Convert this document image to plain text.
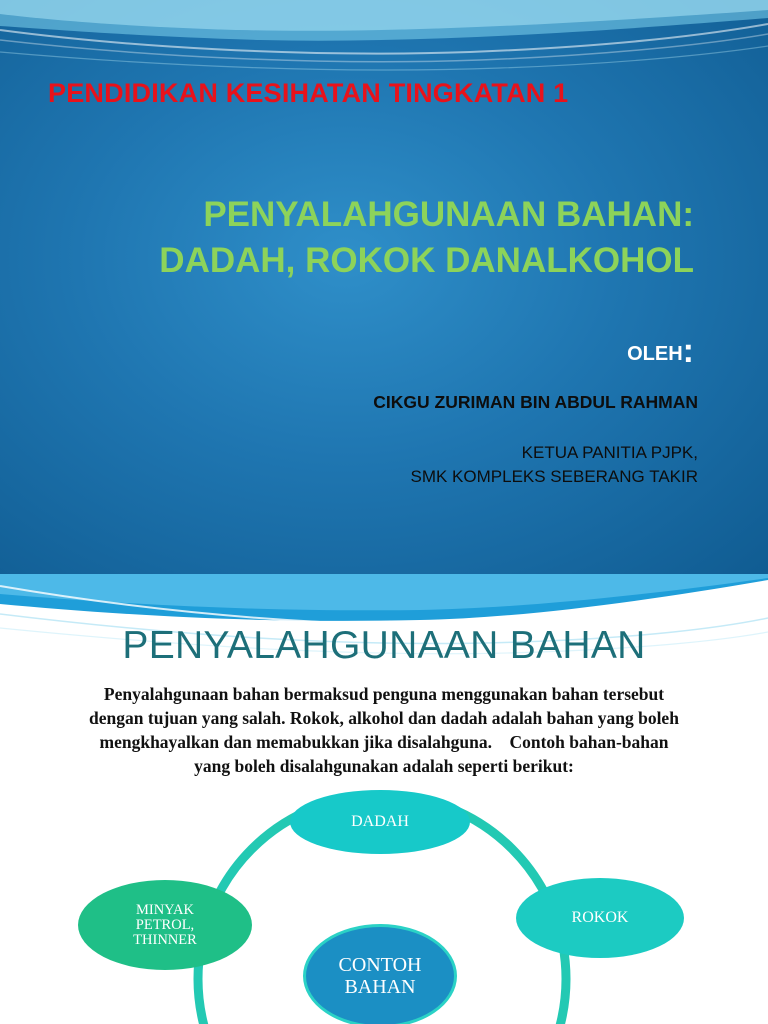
PENDIDIKAN KESIHATAN TINGKATAN 1
PENYALAHGUNAAN BAHAN:
DADAH, ROKOK DANALKOHOL
OLEH:
CIKGU ZURIMAN BIN ABDUL RAHMAN
KETUA PANITIA PJPK,
SMK KOMPLEKS SEBERANG TAKIR
PENYALAHGUNAAN BAHAN
Penyalahgunaan bahan bermaksud penguna menggunakan bahan tersebut
dengan tujuan yang salah. Rokok, alkohol dan dadah adalah bahan yang boleh
mengkhayalkan dan memabukkan jika disalahguna.    Contoh bahan-bahan
yang boleh disalahgunakan adalah seperti berikut:
DADAH
ROKOK
MINYAK
PETROL,
THINNER
CONTOH
BAHAN
